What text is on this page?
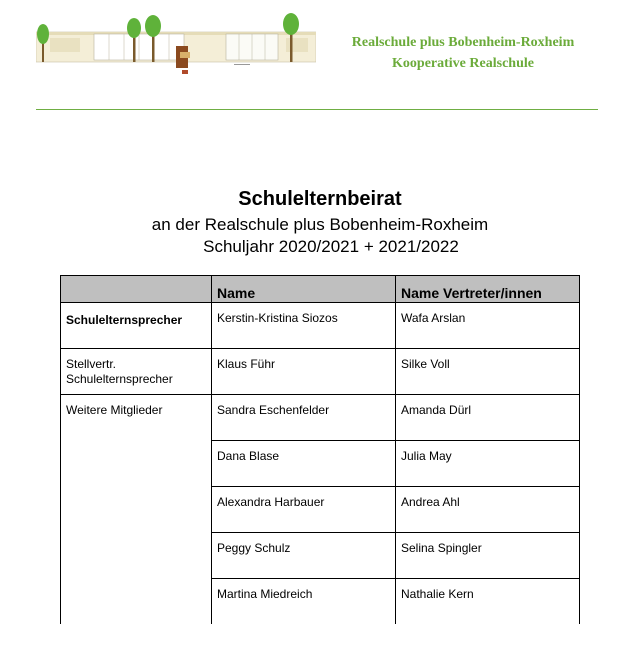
Realschule plus Bobenheim-Roxheim
Kooperative Realschule
Schulelternbeirat
an der Realschule plus Bobenheim-Roxheim
Schuljahr 2020/2021 + 2021/2022
	Name	Name Vertreter/innen
Schulelternsprecher	Kerstin-Kristina Siozos	Wafa Arslan
Stellvertr. Schulelternsprecher	Klaus Führ	Silke Voll
Weitere Mitglieder	Sandra Eschenfelder	Amanda Dürl
	Dana Blase	Julia May
	Alexandra Harbauer	Andrea Ahl
	Peggy Schulz	Selina Spingler
	Martina Miedreich	Nathalie Kern
